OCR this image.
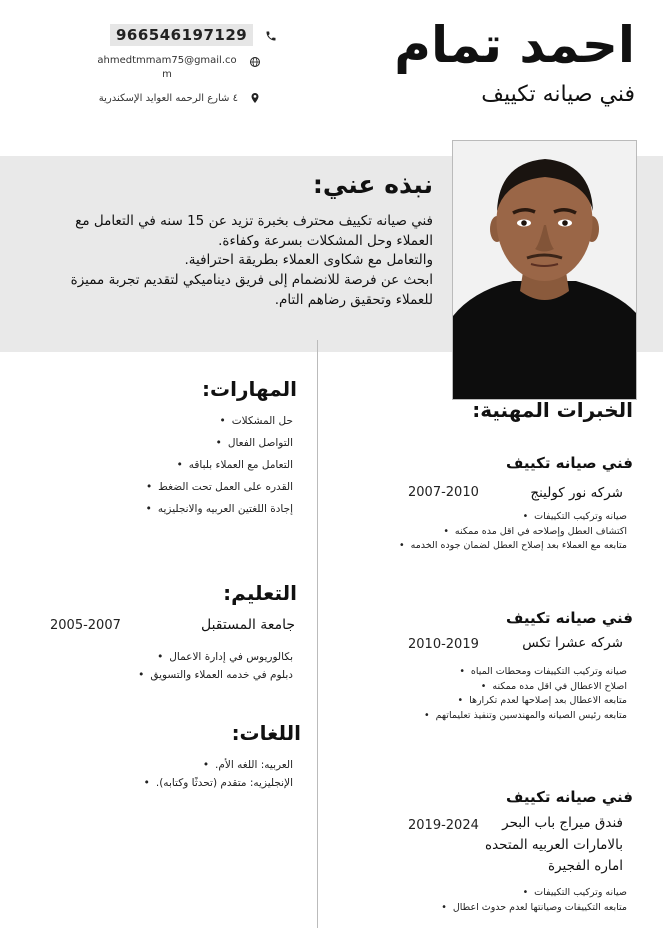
احمد تمام
فني صيانه تكييف
966546197129
ahmedtmmam75@gmail.co
m
٤ شارع الرحمه العوايد الإسكندرية
نبذه عني:
فني صيانه تكييف محترف بخبرة تزيد عن 15 سنه في التعامل مع
العملاء وحل المشكلات بسرعة وكفاءة.
والتعامل مع شكاوى العملاء بطريقة احترافية.
ابحث عن فرصة للانضمام إلى فريق ديناميكي لتقديم تجربة مميزة
للعملاء وتحقيق رضاهم التام.
الخبرات المهنية:
فني صيانه تكييف
شركه نور كولينج
2007-2010
صيانه وتركيب التكييفات •
اكتشاف العطل وإصلاحه في اقل مده ممكنه •
متابعه مع العملاء بعد إصلاح العطل لضمان جوده الخدمه •
فني صيانه تكييف
شركه عشرا تكس
2010-2019
صيانه وتركيب التكييفات ومحطات المياه •
اصلاح الاعطال في اقل مده ممكنه •
متابعه الاعطال بعد إصلاحها لعدم تكرارها •
متابعه رئيس الصيانه والمهندسين وتنفيذ تعليماتهم •
فني صيانه تكييف
فندق ميراج باب البحر
بالامارات العربيه المتحده
اماره الفجيرة
2019-2024
صيانه وتركيب التكييفات •
متابعه التكييفات وصيانتها لعدم حدوث اعطال •
المهارات:
حل المشكلات •
التواصل الفعال •
التعامل مع العملاء بلباقه •
القدره على العمل تحت الضغط •
إجادة اللغتين العربيه والانجليزيه •
التعليم:
جامعة المستقبل
2005-2007
بكالوريوس في إدارة الاعمال •
دبلوم في خدمه العملاء والتسويق •
اللغات:
العربيه: اللغه الأم. •
الإنجليزيه: متقدم (تحدثًا وكتابه). •
